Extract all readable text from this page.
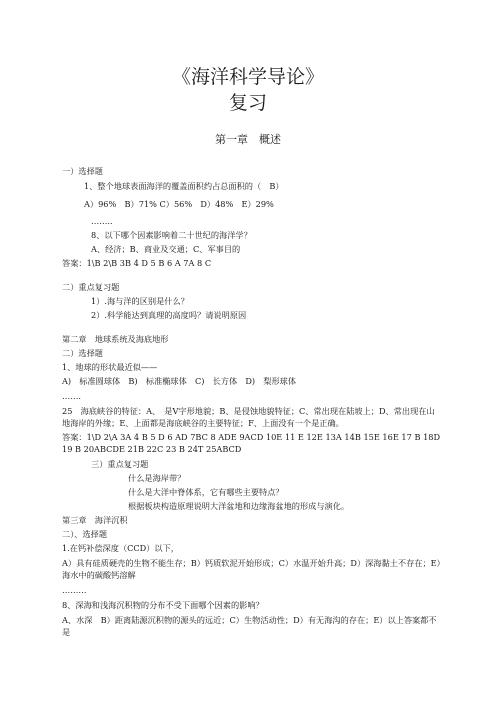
《海洋科学导论》
复习
第一章　概述
一）选择题
1、整个地球表面海洋的覆盖面积约占总面积的（　B）
A）96%　B）71% C）56%　D）48%　E）29%
……..
8、以下哪个因素影响着二十世纪的海洋学？
A、经济；B、商业及交通；C、军事目的
答案：1\B 2\B 3B 4 D 5 B 6 A 7A 8 C
二）重点复习题
1）.海与洋的区别是什么？
2）.科学能达到真理的高度吗？请说明原因
第二章　地球系统及海底地形
二）选择题
1、地球的形状最近似——
A)　标准圆球体　B)　标准椭球体　C)　长方体　D)　梨形球体
…….
25　海底峡谷的特征：A、　是V字形地貌；B、是侵蚀地貌特征；C、常出现在陆坡上；D、常出现在山地海岸的外缘；E、上面都是海底峡谷的主要特征；F、上面没有一个是正确。
答案：1\D 2\A 3A 4 B 5 D 6 AD 7BC 8 ADE 9ACD 10E 11 E 12E 13A 14B 15E 16E 17 B 18D 19 B 20ABCDE 21B 22C 23 B 24T 25ABCD
三）重点复习题
什么是海岸带？
什么是大洋中脊体系，它有哪些主要特点？
根据板块构造原理说明大洋盆地和边缘海盆地的形成与演化。
第三章　海洋沉积
二）、选择题
1.在钙补偿深度（CCD）以下，
A）具有硅质硬壳的生物不能生存；B）钙质软泥开始形成；C）水温开始升高；D）深海黏土不存在；E）海水中的碳酸钙溶解
………
8、深海和浅海沉积物的分布不受下面哪个因素的影响？
A、水深　B）距离陆源沉积物的源头的远近；C）生物活动性；D）有无海沟的存在；E）以上答案都不是
